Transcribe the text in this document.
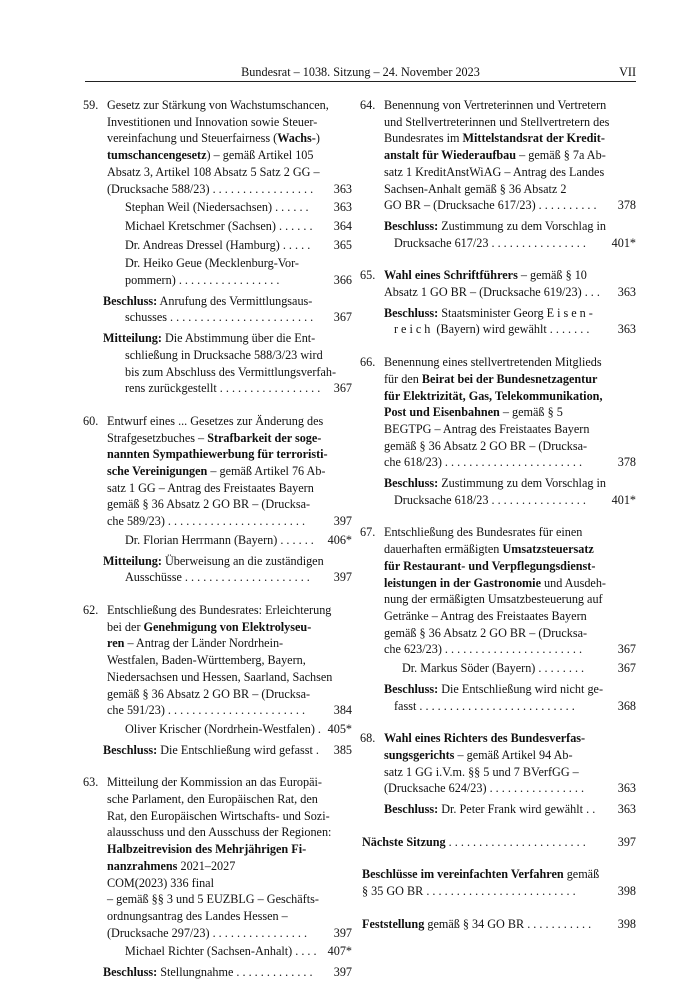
Bundesrat – 1038. Sitzung – 24. November 2023	VII
59. Gesetz zur Stärkung von Wachstumschancen,
Investitionen und Innovation sowie Steuer-
vereinfachung und Steuerfairness ( Wachs- )
tumschancengesetz ) – gemäß Artikel 105
Absatz 3, Artikel 108 Absatz 5 Satz 2 GG –
(Drucksache 588/23) . . . . . . . . . . . . . . . . . 363
Stephan Weil (Niedersachsen) . . . . . . 363
Michael Kretschmer (Sachsen) . . . . . . 364
Dr. Andreas Dressel (Hamburg) . . . . . 365
Dr. Heiko Geue (Mecklenburg-Vor-
pommern) . . . . . . . . . . . . . . . . .	366
Beschluss: Anrufung des Vermittlungsaus-
schusses . . . . . . . . . . . . . . . . . . . . . . . . 367
Mitteilung: Die Abstimmung über die Ent-
schließung in Drucksache 588/3/23 wird
bis zum Abschluss des Vermittlungsverfah-
rens zurückgestellt . . . . . . . . . . . . . . . . . 367
60. Entwurf eines ... Gesetzes zur Änderung des
Strafgesetzbuches – Strafbarkeit der soge-
nannten Sympathiewerbung für terroristi-
sche Vereinigungen – gemäß Artikel 76 Ab-
satz 1 GG – Antrag des Freistaates Bayern
gemäß § 36 Absatz 2 GO BR – (Drucksa-
che 589/23) . . . . . . . . . . . . . . . . . . . . . . . 397
Dr. Florian Herrmann (Bayern) . . . . . . 406*
Mitteilung: Überweisung an die zuständigen
Ausschüsse . . . . . . . . . . . . . . . . . . . . . 397
62. Entschließung des Bundesrates: Erleichterung
bei der Genehmigung von Elektrolyseu-
ren – Antrag der Länder Nordrhein-
Westfalen, Baden-Württemberg, Bayern,
Niedersachsen und Hessen, Saarland, Sachsen
gemäß § 36 Absatz 2 GO BR – (Drucksa-
che 591/23) . . . . . . . . . . . . . . . . . . . . . . . 384
Oliver Krischer (Nordrhein-Westfalen) . 405*
Beschluss: Die Entschließung wird gefasst . 385
63. Mitteilung der Kommission an das Europäi-
sche Parlament, den Europäischen Rat, den
Rat, den Europäischen Wirtschafts- und Sozi-
alausschuss und den Ausschuss der Regionen:
Halbzeitrevision des Mehrjährigen Fi-
nanzrahmens 2021–2027
COM(2023) 336 final
– gemäß §§ 3 und 5 EUZBLG – Geschäfts-
ordnungsantrag des Landes Hessen –
(Drucksache 297/23) . . . . . . . . . . . . . . . . 397
Michael Richter (Sachsen-Anhalt) . . . . 407*
Beschluss: Stellungnahme . . . . . . . . . . . . . 397
64. Benennung von Vertreterinnen und Vertretern
und Stellvertreterinnen und Stellvertretern des
Bundesrates im Mittelstandsrat der Kredit-
anstalt für Wiederaufbau – gemäß § 7a Ab-
satz 1 KreditAnstWiAG – Antrag des Landes
Sachsen-Anhalt gemäß § 36 Absatz 2
GO BR – (Drucksache 617/23) . . . . . . . . . . 378
Beschluss: Zustimmung zu dem Vorschlag in
Drucksache 617/23 . . . . . . . . . . . . . . . . 401*
65. Wahl eines Schriftführers – gemäß § 10
Absatz 1 GO BR – (Drucksache 619/23) . . . 363
Beschluss: Staatsminister Georg Eisen-
reich (Bayern) wird gewählt . . . . . . . 363
66. Benennung eines stellvertretenden Mitglieds
für den Beirat bei der Bundesnetzagentur
für Elektrizität, Gas, Telekommunikation,
Post und Eisenbahnen – gemäß § 5
BEGTPG – Antrag des Freistaates Bayern
gemäß § 36 Absatz 2 GO BR – (Drucksa-
che 618/23) . . . . . . . . . . . . . . . . . . . . . . .	378
Beschluss: Zustimmung zu dem Vorschlag in
Drucksache 618/23 . . . . . . . . . . . . . . . . 401*
67. Entschließung des Bundesrates für einen
dauerhaften ermäßigten Umsatzsteuersatz
für Restaurant- und Verpflegungsdienst-
leistungen in der Gastronomie und Ausdeh-
nung der ermäßigten Umsatzbesteuerung auf
Getränke – Antrag des Freistaates Bayern
gemäß § 36 Absatz 2 GO BR – (Drucksa-
che 623/23) . . . . . . . . . . . . . . . . . . . . . . .	367
Dr. Markus Söder (Bayern) . . . . . . . .	367
Beschluss: Die Entschließung wird nicht ge-
fasst . . . . . . . . . . . . . . . . . . . . . . . . . .	368
68. Wahl eines Richters des Bundesverfas-
sungsgerichts – gemäß Artikel 94 Ab-
satz 1 GG i.V.m. §§ 5 und 7 BVerfGG –
(Drucksache 624/23) . . . . . . . . . . . . . . . .	363
Beschluss: Dr. Peter Frank wird gewählt . . 363
Nächste Sitzung . . . . . . . . . . . . . . . . . . . . . . .	397
Beschlüsse im vereinfachten Verfahren gemäß
§ 35 GO BR . . . . . . . . . . . . . . . . . . . . . . . . .	398
Feststellung gemäß § 34 GO BR . . . . . . . . . . . 398
